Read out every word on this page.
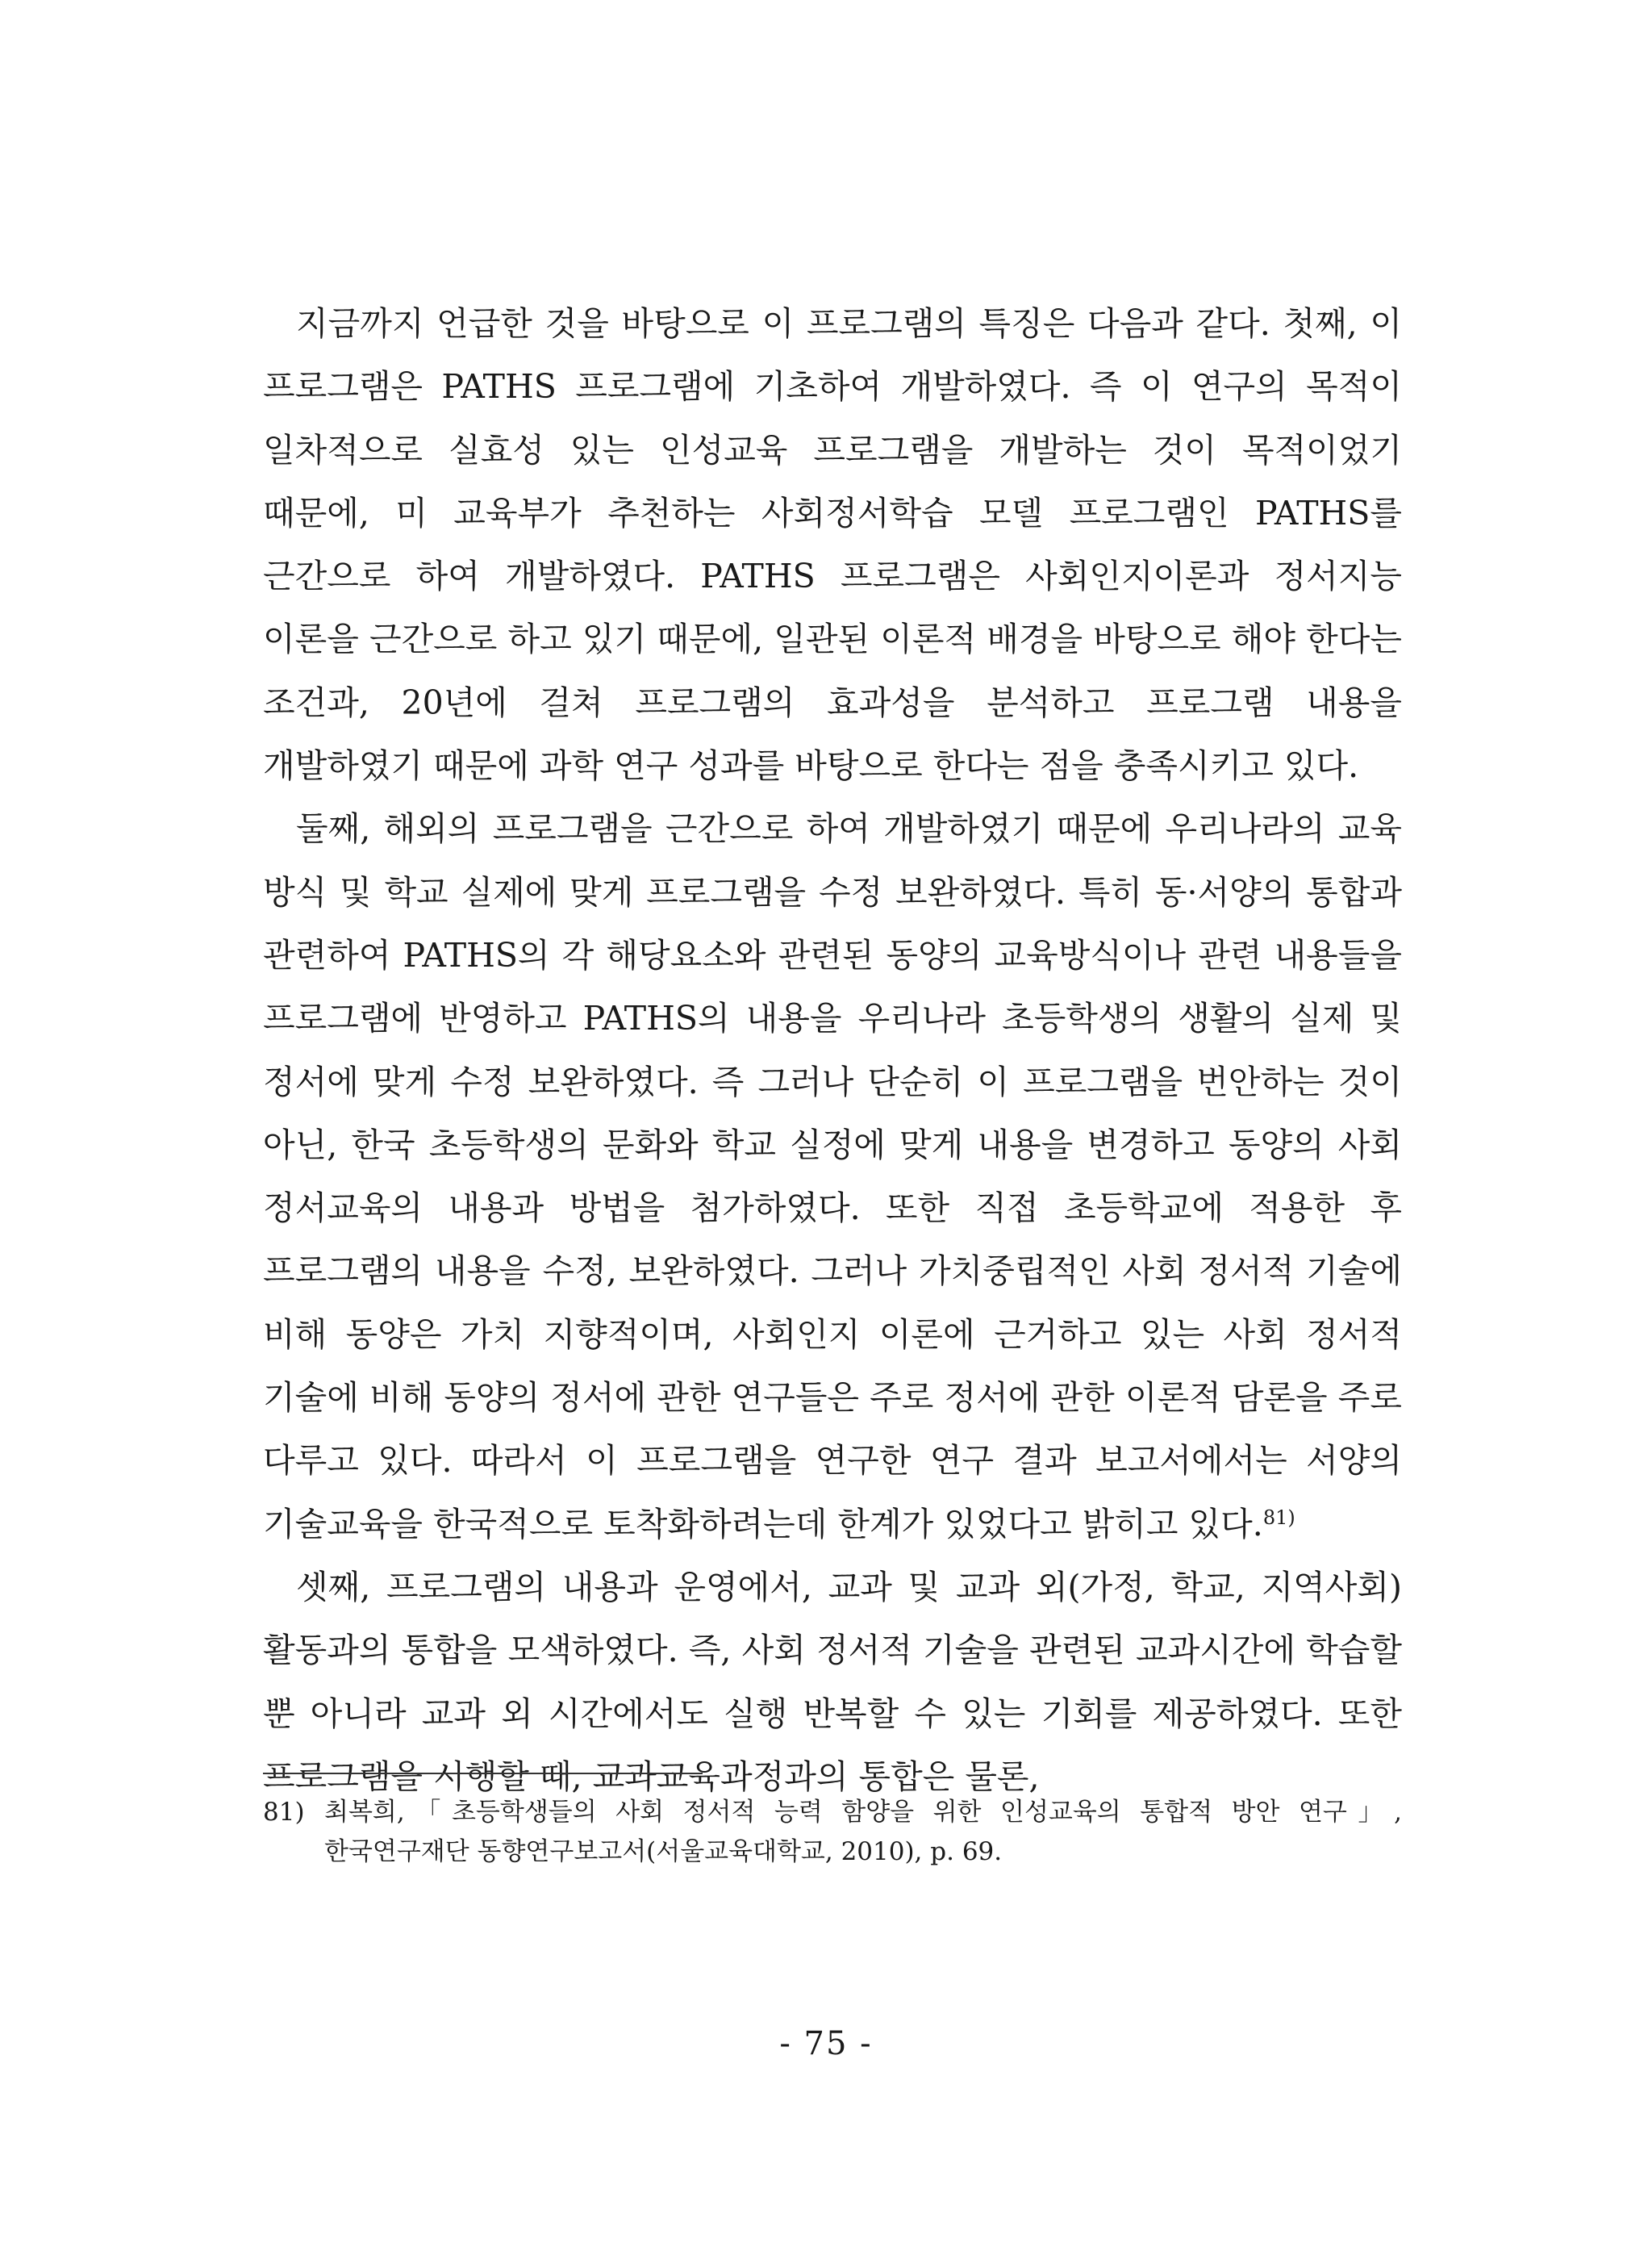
지금까지 언급한 것을 바탕으로 이 프로그램의 특징은 다음과 같다. 첫째, 이 프로그램은 PATHS 프로그램에 기초하여 개발하였다. 즉 이 연구의 목적이 일차적으로 실효성 있는 인성교육 프로그램을 개발하는 것이 목적이었기 때문에, 미 교육부가 추천하는 사회정서학습 모델 프로그램인 PATHS를 근간으로 하여 개발하였다. PATHS 프로그램은 사회인지이론과 정서지능 이론을 근간으로 하고 있기 때문에, 일관된 이론적 배경을 바탕으로 해야 한다는 조건과, 20년에 걸쳐 프로그램의 효과성을 분석하고 프로그램 내용을 개발하였기 때문에 과학 연구 성과를 바탕으로 한다는 점을 충족시키고 있다.

둘째, 해외의 프로그램을 근간으로 하여 개발하였기 때문에 우리나라의 교육 방식 및 학교 실제에 맞게 프로그램을 수정 보완하였다. 특히 동·서양의 통합과 관련하여 PATHS의 각 해당요소와 관련된 동양의 교육방식이나 관련 내용들을 프로그램에 반영하고 PATHS의 내용을 우리나라 초등학생의 생활의 실제 및 정서에 맞게 수정 보완하였다. 즉 그러나 단순히 이 프로그램을 번안하는 것이 아닌, 한국 초등학생의 문화와 학교 실정에 맞게 내용을 변경하고 동양의 사회 정서교육의 내용과 방법을 첨가하였다. 또한 직접 초등학교에 적용한 후 프로그램의 내용을 수정, 보완하였다. 그러나 가치중립적인 사회 정서적 기술에 비해 동양은 가치 지향적이며, 사회인지 이론에 근거하고 있는 사회 정서적 기술에 비해 동양의 정서에 관한 연구들은 주로 정서에 관한 이론적 담론을 주로 다루고 있다. 따라서 이 프로그램을 연구한 연구 결과 보고서에서는 서양의 기술교육을 한국적으로 토착화하려는데 한계가 있었다고 밝히고 있다.$^{81)}$

셋째, 프로그램의 내용과 운영에서, 교과 및 교과 외(가정, 학교, 지역사회)활동과의 통합을 모색하였다. 즉, 사회 정서적 기술을 관련된 교과시간에 학습할 뿐 아니라 교과 외 시간에서도 실행 반복할 수 있는 기회를 제공하였다. 또한 프로그램을 시행할 때, 교과교육과정과의 통합은 물론,

81) 최복희,「초등학생들의 사회 정서적 능력 함양을 위한 인성교육의 통합적 방안 연구」, 한국연구재단 동향연구보고서(서울교육대학교, 2010), p. 69.
- 75 -
